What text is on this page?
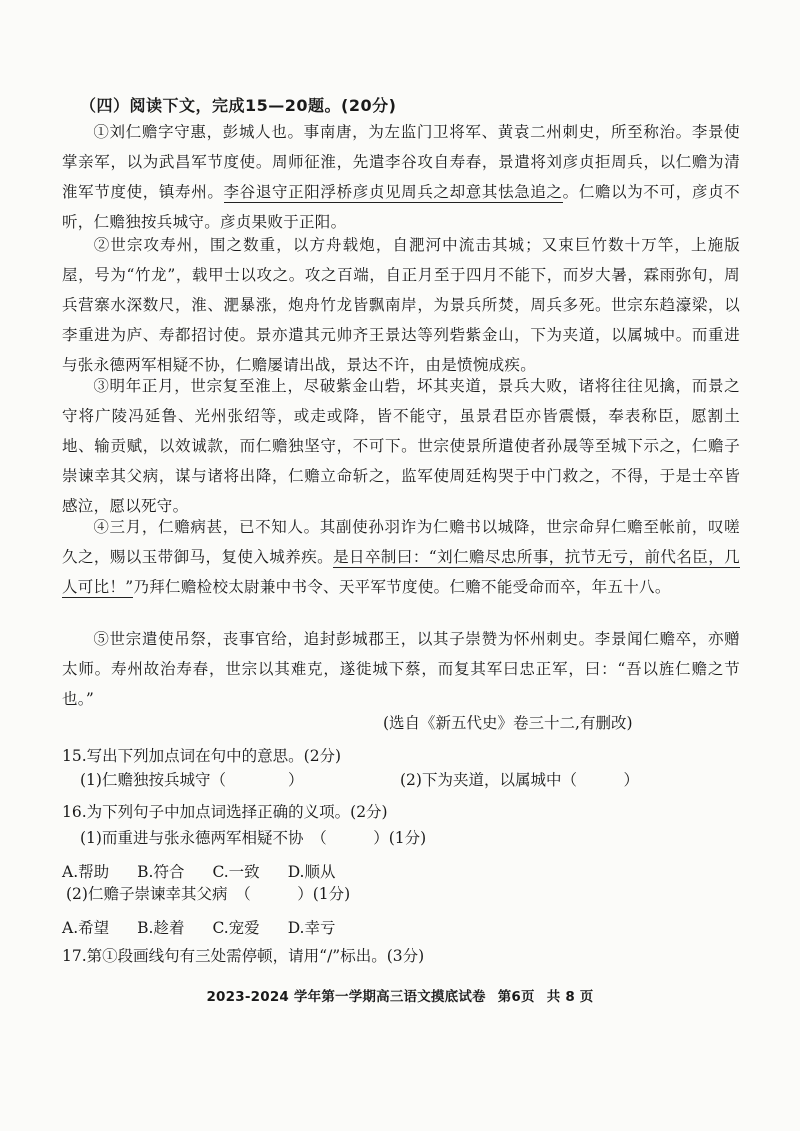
（四）阅读下文，完成15—20题。(20分)

①刘仁赡字守惠，彭城人也。事南唐，为左监门卫将军、黄袁二州刺史，所至称治。李景使掌亲军，以为武昌军节度使。周师征淮，先遣李谷攻自寿春，景遣将刘彦贞拒周兵，以仁赡为清淮军节度使，镇寿州。李谷退守正阳浮桥彦贞见周兵之却意其怯急追之。仁赡以为不可，彦贞不听，仁赡独按兵城守。彦贞果败于正阳。

②世宗攻寿州，围之数重，以方舟载炮，自淝河中流击其城；又束巨竹数十万竿，上施版屋，号为“竹龙”，载甲士以攻之。攻之百端，自正月至于四月不能下，而岁大暑，霖雨弥旬，周兵营寨水深数尺，淮、淝暴涨，炮舟竹龙皆飘南岸，为景兵所焚，周兵多死。世宗东趋濠梁，以李重进为庐、寿都招讨使。景亦遣其元帅齐王景达等列砦紫金山，下为夹道，以属城中。而重进与张永德两军相疑不协，仁赡屡请出战，景达不许，由是愤惋成疾。

③明年正月，世宗复至淮上，尽破紫金山砦，坏其夹道，景兵大败，诸将往往见擒，而景之守将广陵冯延鲁、光州张绍等，或走或降，皆不能守，虽景君臣亦皆震慑，奉表称臣，愿割土地、输贡赋，以效诚款，而仁赡独坚守，不可下。世宗使景所遣使者孙晟等至城下示之，仁赡子崇谏幸其父病，谋与诸将出降，仁赡立命斩之，监军使周廷构哭于中门救之，不得，于是士卒皆感泣，愿以死守。

④三月，仁赡病甚，已不知人。其副使孙羽诈为仁赡书以城降，世宗命舁仁赡至帐前，叹嗟久之，赐以玉带御马，复使入城养疾。是日卒制曰：“刘仁赡尽忠所事，抗节无亏，前代名臣，几人可比！”乃拜仁赡检校太尉兼中书令、天平军节度使。仁赡不能受命而卒，年五十八。

⑤世宗遣使吊祭，丧事官给，追封彭城郡王，以其子崇赞为怀州刺史。李景闻仁赡卒，亦赠太师。寿州故治寿春，世宗以其难克，遂徙城下蔡，而复其军曰忠正军，曰：“吾以旌仁赡之节也。”

(选自《新五代史》卷三十二,有删改)
15.写出下列加点词在句中的意思。(2分)
(1)仁赡独按兵城守（　　　　）	(2)下为夹道，以属城中（　　　）
16.为下列句子中加点词选择正确的义项。(2分)
(1)而重进与张永德两军相疑不协　（　　　）(1分)
A.帮助 B.符合 C.一致 D.顺从
(2)仁赡子崇谏幸其父病　（　　　）(1分)
A.希望 B.趁着 C.宠爱 D.幸亏
17.第①段画线句有三处需停顿，请用“/”标出。(3分)
2023-2024 学年第一学期高三语文摸底试卷 第6页 共 8 页
